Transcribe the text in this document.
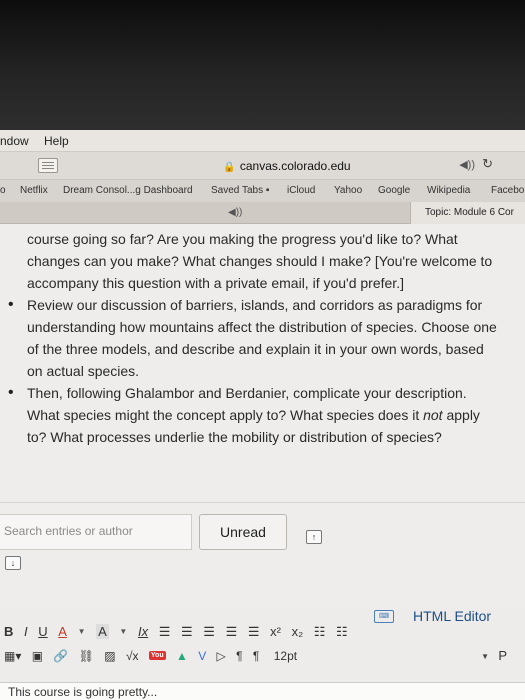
ndow Help
🔒 canvas.colorado.edu	◀)) ↻
o Netflix Dream Consol...g Dashboard Saved Tabs ▪ iCloud Yahoo Google Wikipedia Facebo
◀))	Topic: Module 6 Cor

course going so far? Are you making the progress you'd like to? What changes can you make? What changes should I make? [You're welcome to accompany this question with a private email, if you'd prefer.]

• Review our discussion of barriers, islands, and corridors as paradigms for understanding how mountains affect the distribution of species. Choose one of the three models, and describe and explain it in your own words, based on actual species.

• Then, following Ghalambor and Berdanier, complicate your description. What species might the concept apply to? What species does it not apply to? What processes underlie the mobility or distribution of species?

Search entries or author	Unread	↑
↓
⌨	HTML Editor
B I U A ▼ A ▼ Ix ☰ ☰ ☰ ☰ ☰ x² x₂ ☷ ☷
▦▾ ▣ 🔗 ⛓ ▨ √x You ▲ V ▷ ¶ ¶ 12pt	▼ P
This course is going pretty...
